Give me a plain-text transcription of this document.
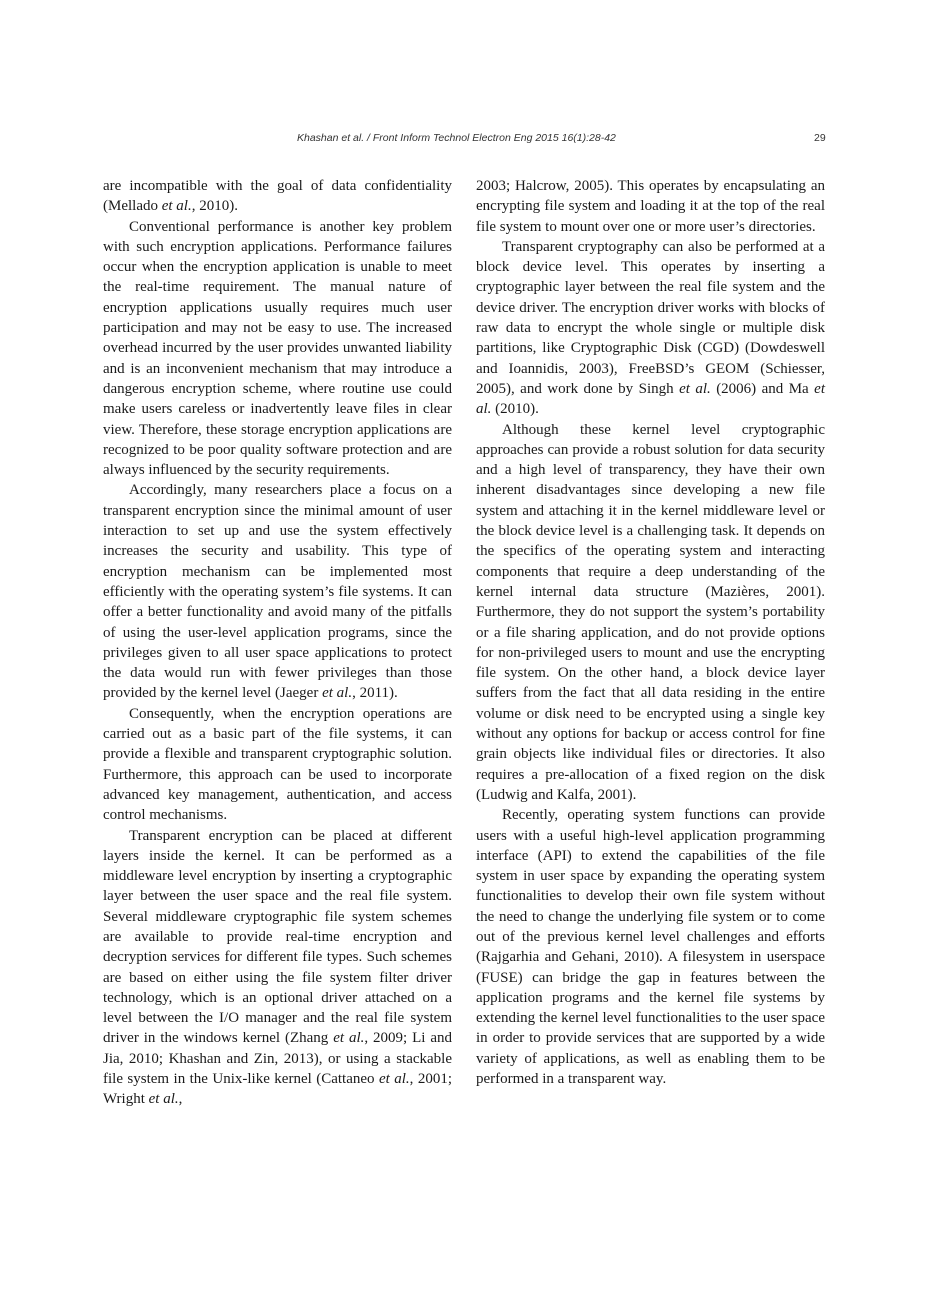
Khashan et al. / Front Inform Technol Electron Eng 2015 16(1):28-42	29

are incompatible with the goal of data confidentiality (Mellado et al., 2010).

Conventional performance is another key problem with such encryption applications. Performance failures occur when the encryption application is unable to meet the real-time requirement. The manual nature of encryption applications usually requires much user participation and may not be easy to use. The increased overhead incurred by the user provides unwanted liability and is an inconvenient mechanism that may introduce a dangerous encryption scheme, where routine use could make users careless or inadvertently leave files in clear view. Therefore, these storage encryption applications are recognized to be poor quality software protection and are always influenced by the security requirements.

Accordingly, many researchers place a focus on a transparent encryption since the minimal amount of user interaction to set up and use the system effectively increases the security and usability. This type of encryption mechanism can be implemented most efficiently with the operating system’s file systems. It can offer a better functionality and avoid many of the pitfalls of using the user-level application programs, since the privileges given to all user space applications to protect the data would run with fewer privileges than those provided by the kernel level (Jaeger et al., 2011).

Consequently, when the encryption operations are carried out as a basic part of the file systems, it can provide a flexible and transparent cryptographic solution. Furthermore, this approach can be used to incorporate advanced key management, authentication, and access control mechanisms.

Transparent encryption can be placed at different layers inside the kernel. It can be performed as a middleware level encryption by inserting a cryptographic layer between the user space and the real file system. Several middleware cryptographic file system schemes are available to provide real-time encryption and decryption services for different file types. Such schemes are based on either using the file system filter driver technology, which is an optional driver attached on a level between the I/O manager and the real file system driver in the windows kernel (Zhang et al., 2009; Li and Jia, 2010; Khashan and Zin, 2013), or using a stackable file system in the Unix-like kernel (Cattaneo et al., 2001; Wright et al.,

2003; Halcrow, 2005). This operates by encapsulating an encrypting file system and loading it at the top of the real file system to mount over one or more user’s directories.

Transparent cryptography can also be performed at a block device level. This operates by inserting a cryptographic layer between the real file system and the device driver. The encryption driver works with blocks of raw data to encrypt the whole single or multiple disk partitions, like Cryptographic Disk (CGD) (Dowdeswell and Ioannidis, 2003), FreeBSD’s GEOM (Schiesser, 2005), and work done by Singh et al. (2006) and Ma et al. (2010).

Although these kernel level cryptographic approaches can provide a robust solution for data security and a high level of transparency, they have their own inherent disadvantages since developing a new file system and attaching it in the kernel middleware level or the block device level is a challenging task. It depends on the specifics of the operating system and interacting components that require a deep understanding of the kernel internal data structure (Mazières, 2001). Furthermore, they do not support the system’s portability or a file sharing application, and do not provide options for non-privileged users to mount and use the encrypting file system. On the other hand, a block device layer suffers from the fact that all data residing in the entire volume or disk need to be encrypted using a single key without any options for backup or access control for fine grain objects like individual files or directories. It also requires a pre-allocation of a fixed region on the disk (Ludwig and Kalfa, 2001).

Recently, operating system functions can provide users with a useful high-level application programming interface (API) to extend the capabilities of the file system in user space by expanding the operating system functionalities to develop their own file system without the need to change the underlying file system or to come out of the previous kernel level challenges and efforts (Rajgarhia and Gehani, 2010). A filesystem in userspace (FUSE) can bridge the gap in features between the application programs and the kernel file systems by extending the kernel level functionalities to the user space in order to provide services that are supported by a wide variety of applications, as well as enabling them to be performed in a transparent way.
